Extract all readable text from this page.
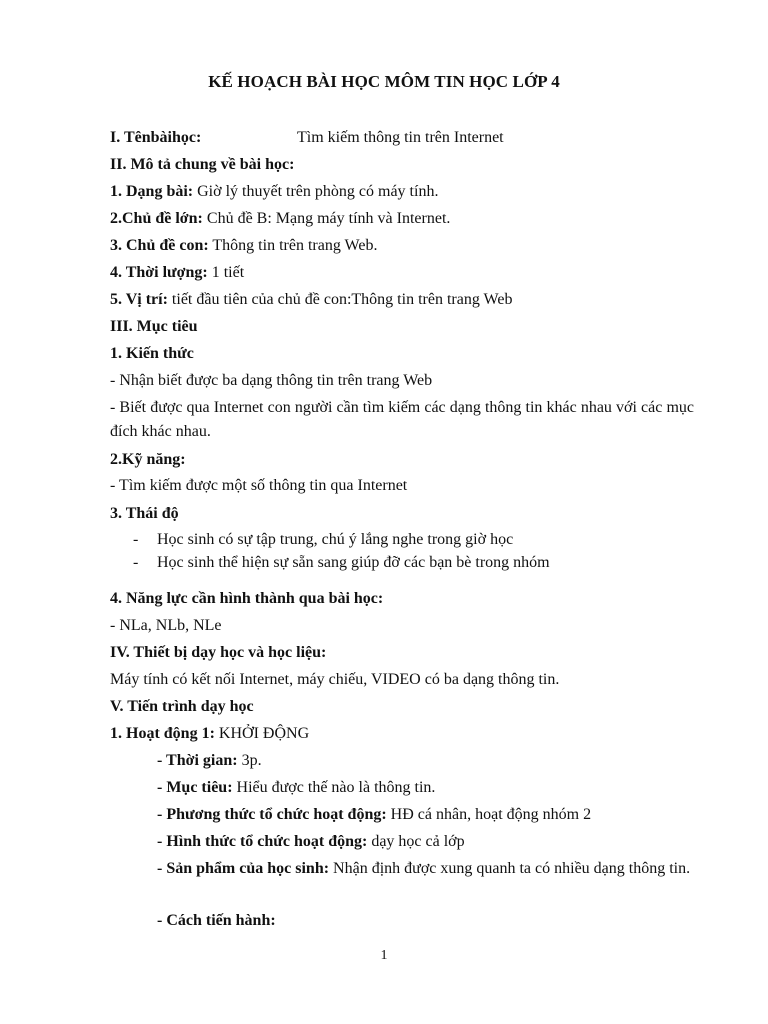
KẾ HOẠCH BÀI HỌC MÔM TIN HỌC LỚP 4
I. Tênbàihọc:	Tìm kiếm thông tin trên Internet
II. Mô tả chung về bài học:
1. Dạng bài: Giờ lý thuyết trên phòng có máy tính.
2.Chủ đề lớn: Chủ đề B: Mạng máy tính và Internet.
3. Chủ đề con: Thông tin trên trang Web.
4. Thời lượng: 1 tiết
5. Vị trí: tiết đầu tiên của chủ đề con:Thông tin trên trang Web
III. Mục tiêu
1. Kiến thức
- Nhận biết được ba dạng thông tin trên trang Web
- Biết được qua Internet con người cần tìm kiếm các dạng thông tin khác nhau với các mục đích khác nhau.
2.Kỹ năng:
- Tìm kiếm được một số thông tin qua Internet
3. Thái độ
- Học sinh có sự tập trung, chú ý lắng nghe trong giờ học
- Học sinh thể hiện sự sẵn sang giúp đỡ các bạn bè trong nhóm
4. Năng lực cần hình thành qua bài học:
- NLa, NLb, NLe
IV. Thiết bị dạy học và học liệu:
Máy tính có kết nối Internet, máy chiếu, VIDEO có ba dạng thông tin.
V. Tiến trình dạy học
1. Hoạt động 1: KHỞI ĐỘNG
- Thời gian: 3p.
- Mục tiêu: Hiểu được thế nào là thông tin.
- Phương thức tổ chức hoạt động: HĐ cá nhân, hoạt động nhóm 2
- Hình thức tổ chức hoạt động: dạy học cả lớp
- Sản phẩm của học sinh: Nhận định được xung quanh ta có nhiều dạng thông tin.
- Cách tiến hành:
1
